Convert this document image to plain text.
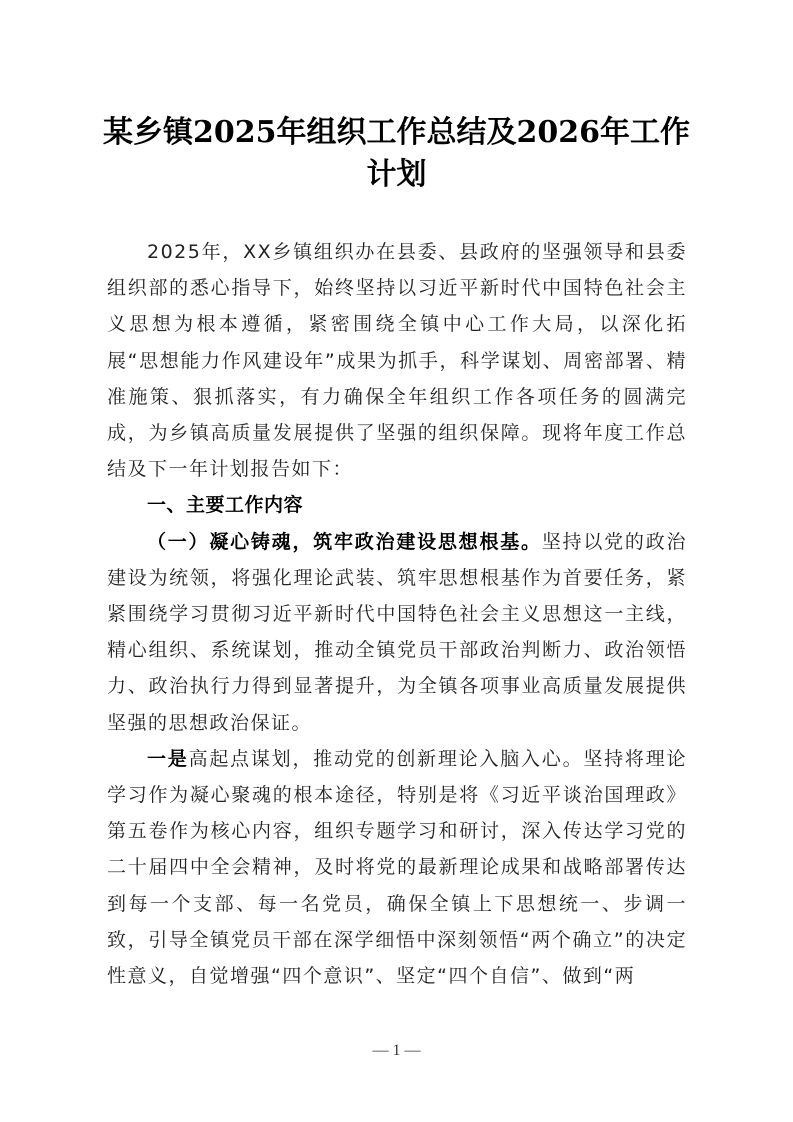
某乡镇2025年组织工作总结及2026年工作计划

2025年，XX乡镇组织办在县委、县政府的坚强领导和县委组织部的悉心指导下，始终坚持以习近平新时代中国特色社会主义思想为根本遵循，紧密围绕全镇中心工作大局，以深化拓展“思想能力作风建设年”成果为抓手，科学谋划、周密部署、精准施策、狠抓落实，有力确保全年组织工作各项任务的圆满完成，为乡镇高质量发展提供了坚强的组织保障。现将年度工作总结及下一年计划报告如下：

一、主要工作内容

（一）凝心铸魂，筑牢政治建设思想根基。坚持以党的政治建设为统领，将强化理论武装、筑牢思想根基作为首要任务，紧紧围绕学习贯彻习近平新时代中国特色社会主义思想这一主线，精心组织、系统谋划，推动全镇党员干部政治判断力、政治领悟力、政治执行力得到显著提升，为全镇各项事业高质量发展提供坚强的思想政治保证。

一是高起点谋划，推动党的创新理论入脑入心。坚持将理论学习作为凝心聚魂的根本途径，特别是将《习近平谈治国理政》第五卷作为核心内容，组织专题学习和研讨，深入传达学习党的二十届四中全会精神，及时将党的最新理论成果和战略部署传达到每一个支部、每一名党员，确保全镇上下思想统一、步调一致，引导全镇党员干部在深学细悟中深刻领悟“两个确立”的决定性意义，自觉增强“四个意识”、坚定“四个自信”、做到“两

— 1 —
